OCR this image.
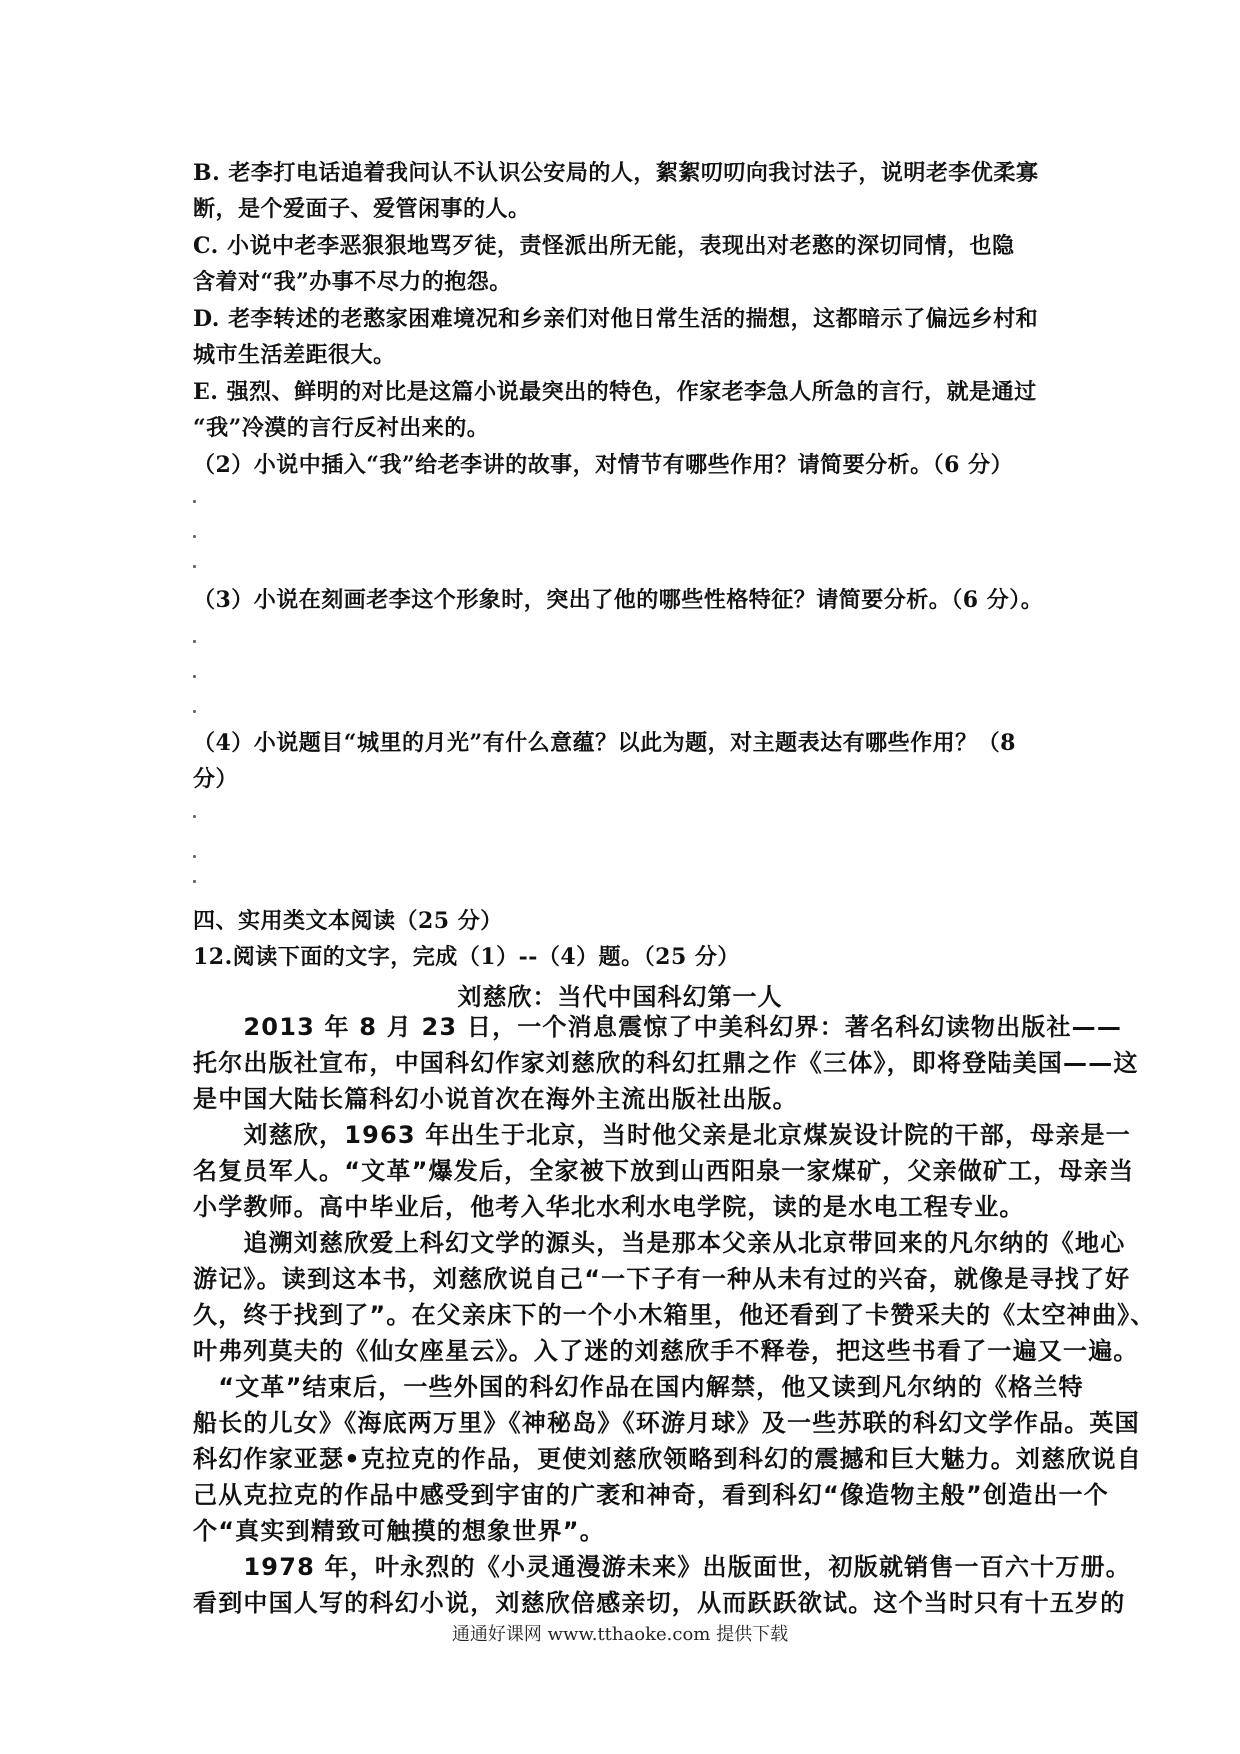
B. 老李打电话追着我问认不认识公安局的人，絮絮叨叨向我讨法子，说明老李优柔寡
断，是个爱面子、爱管闲事的人。
C. 小说中老李恶狠狠地骂歹徒，责怪派出所无能，表现出对老憨的深切同情，也隐
含着对“我”办事不尽力的抱怨。
D. 老李转述的老憨家困难境况和乡亲们对他日常生活的揣想，这都暗示了偏远乡村和
城市生活差距很大。
E. 强烈、鲜明的对比是这篇小说最突出的特色，作家老李急人所急的言行，就是通过
“我”冷漠的言行反衬出来的。
（2）小说中插入“我”给老李讲的故事，对情节有哪些作用？请简要分析。（6 分）
（3）小说在刻画老李这个形象时，突出了他的哪些性格特征？请简要分析。（6 分）。
（4）小说题目“城里的月光”有什么意蕴？以此为题，对主题表达有哪些作用？（8
分）
四、实用类文本阅读（25 分）
12.阅读下面的文字，完成（1）--（4）题。（25 分）
刘慈欣：当代中国科幻第一人
　　2013 年 8 月 23 日，一个消息震惊了中美科幻界：著名科幻读物出版社——
托尔出版社宣布，中国科幻作家刘慈欣的科幻扛鼎之作《三体》，即将登陆美国——这
是中国大陆长篇科幻小说首次在海外主流出版社出版。
　　刘慈欣，1963 年出生于北京，当时他父亲是北京煤炭设计院的干部，母亲是一
名复员军人。“文革”爆发后，全家被下放到山西阳泉一家煤矿，父亲做矿工，母亲当
小学教师。高中毕业后，他考入华北水利水电学院，读的是水电工程专业。
　　追溯刘慈欣爱上科幻文学的源头，当是那本父亲从北京带回来的凡尔纳的《地心
游记》。读到这本书，刘慈欣说自己“一下子有一种从未有过的兴奋，就像是寻找了好
久，终于找到了”。在父亲床下的一个小木箱里，他还看到了卡赞采夫的《太空神曲》、
叶弗列莫夫的《仙女座星云》。入了迷的刘慈欣手不释卷，把这些书看了一遍又一遍。
　“文革”结束后，一些外国的科幻作品在国内解禁，他又读到凡尔纳的《格兰特
船长的儿女》《海底两万里》《神秘岛》《环游月球》及一些苏联的科幻文学作品。英国
科幻作家亚瑟•克拉克的作品，更使刘慈欣领略到科幻的震撼和巨大魅力。刘慈欣说自
己从克拉克的作品中感受到宇宙的广袤和神奇，看到科幻“像造物主般”创造出一个
个“真实到精致可触摸的想象世界”。
　　1978 年，叶永烈的《小灵通漫游未来》出版面世，初版就销售一百六十万册。
看到中国人写的科幻小说，刘慈欣倍感亲切，从而跃跃欲试。这个当时只有十五岁的
通通好课网 www.tthaoke.com 提供下载
